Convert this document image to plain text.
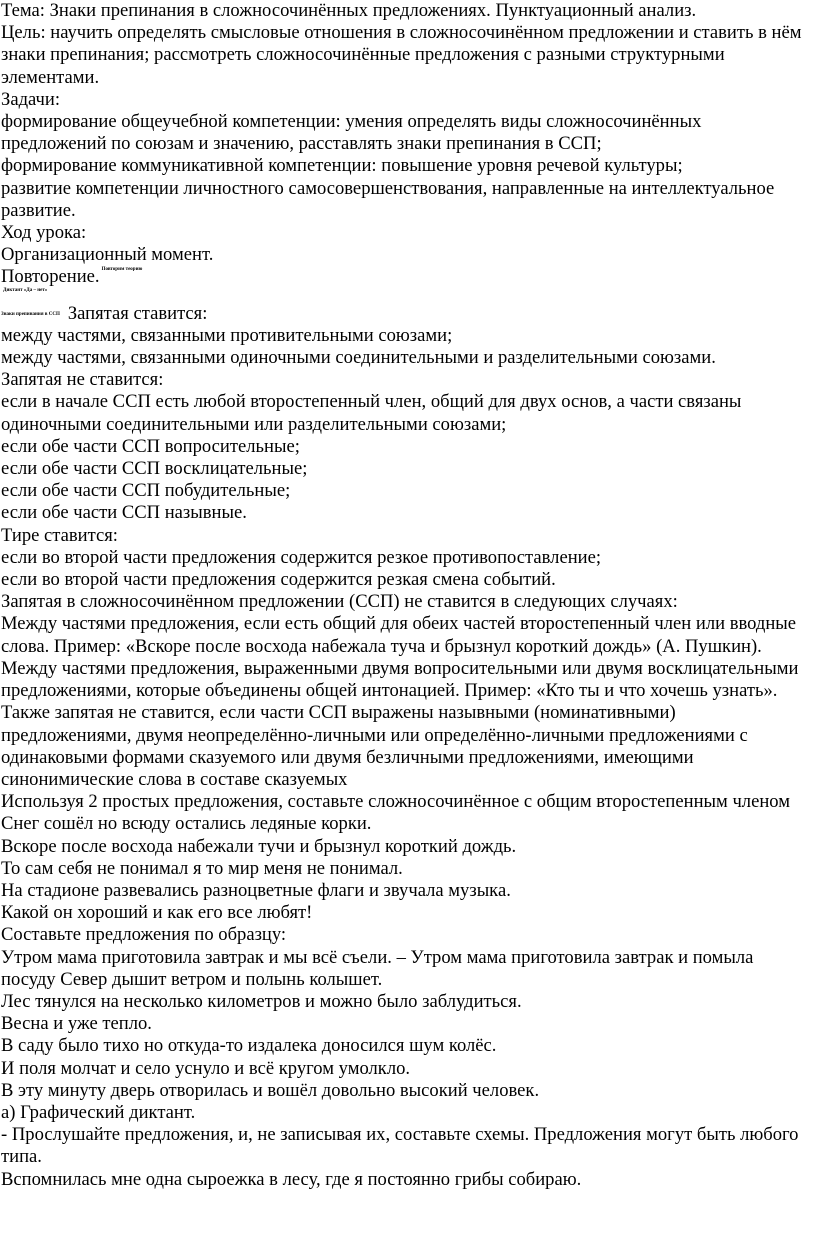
Тема: Знаки препинания в сложносочинённых предложениях. Пунктуационный анализ.

Цель: научить определять смысловые отношения в сложносочинённом предложении и ставить в нём знаки препинания; рассмотреть сложносочинённые предложения с разными структурными элементами.

Задачи:

формирование общеучебной компетенции: умения определять виды сложносочинённых предложений по союзам и значению, расставлять знаки препинания в ССП;

формирование коммуникативной компетенции: повышение уровня речевой культуры;

развитие компетенции личностного самосовершенствования, направленные на интеллектуальное развитие.

Ход урока:

Организационный момент.

Повторение. Повторим теорию

Диктант «Да – нет»

Знаки препинания в ССП Запятая ставится:

между частями, связанными противительными союзами;

между частями, связанными одиночными соединительными и разделительными союзами.

Запятая не ставится:

если в начале ССП есть любой второстепенный член, общий для двух основ, а части связаны одиночными соединительными или разделительными союзами;

если обе части ССП вопросительные;

если обе части ССП восклицательные;

если обе части ССП побудительные;

если обе части ССП назывные.

Тире ставится:

если во второй части предложения содержится резкое противопоставление;

если во второй части предложения содержится резкая смена событий.

Запятая в сложносочинённом предложении (ССП) не ставится в следующих случаях:

Между частями предложения, если есть общий для обеих частей второстепенный член или вводные слова. Пример: «Вскоре после восхода набежала туча и брызнул короткий дождь» (А. Пушкин).

Между частями предложения, выраженными двумя вопросительными или двумя восклицательными предложениями, которые объединены общей интонацией. Пример: «Кто ты и что хочешь узнать».

Также запятая не ставится, если части ССП выражены назывными (номинативными) предложениями, двумя неопределённо-личными или определённо-личными предложениями с одинаковыми формами сказуемого или двумя безличными предложениями, имеющими синонимические слова в составе сказуемых

Используя 2 простых предложения, составьте сложносочинённое с общим второстепенным членом

Снег сошёл но всюду остались ледяные корки.

Вскоре после восхода набежали тучи и брызнул короткий дождь.

То сам себя не понимал я то мир меня не понимал.

На стадионе развевались разноцветные флаги и звучала музыка.

Какой он хороший и как его все любят!

Составьте предложения по образцу:

Утром мама приготовила завтрак и мы всё съели. – Утром мама приготовила завтрак и помыла посуду Север дышит ветром и полынь колышет.

Лес тянулся на несколько километров и можно было заблудиться.

Весна и уже тепло.

В саду было тихо но откуда-то издалека доносился шум колёс.

И поля молчат и село уснуло и всё кругом умолкло.

В эту минуту дверь отворилась и вошёл довольно высокий человек.

а) Графический диктант.

- Прослушайте предложения, и, не записывая их, составьте схемы. Предложения могут быть любого типа.

Вспомнилась мне одна сыроежка в лесу, где я постоянно грибы собираю.
